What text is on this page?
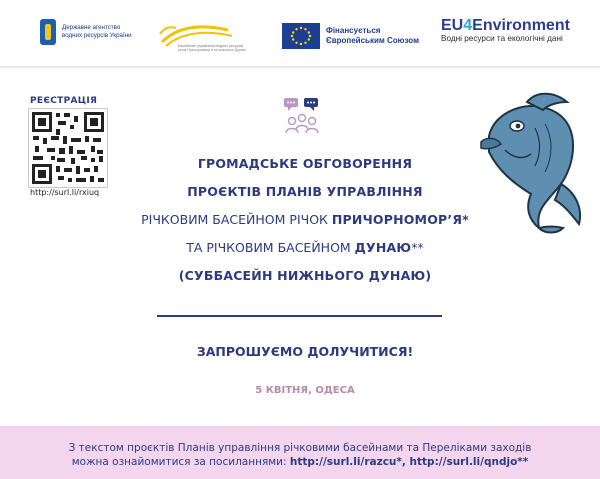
Державне агентство
водних ресурсів України
Басейнове управління водних ресурсів
річок Причорномор'я та нижнього Дунаю
Фінансується
Європейським Союзом
EU4Environment
Водні ресурси та екологічні дані
РЕЄСТРАЦІЯ
http://surl.li/rxiuq
ГРОМАДСЬКЕ ОБГОВОРЕННЯ
ПРОЄКТІВ ПЛАНІВ УПРАВЛІННЯ
РІЧКОВИМ БАСЕЙНОМ РІЧОК ПРИЧОРНОМОР’Я*
ТА РІЧКОВИМ БАСЕЙНОМ ДУНАЮ**
(СУББАСЕЙН НИЖНЬОГО ДУНАЮ)
ЗАПРОШУЄМО ДОЛУЧИТИСЯ!
5 КВІТНЯ, ОДЕСА
З текстом проєктів Планів управління річковими басейнами та Переліками заходів
можна ознайомитися за посиланнями: http://surl.li/razcu*, http://surl.li/qndjo**
